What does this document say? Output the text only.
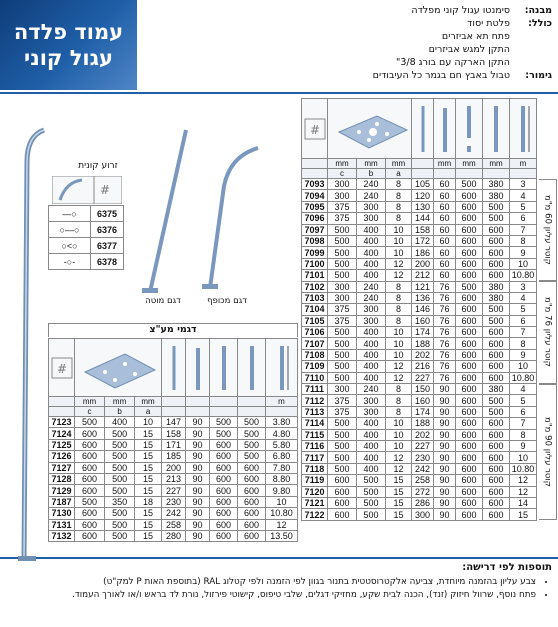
עמוד פלדה
עגול קוני
מבנה:
סימנטו עגול קוני מפלדה
כולל:
פלטת יסוד
פתח תא אביזרים
התקן למגש אביזרים
התקן הארקה עם בורג 3/8"
גימור:
טבול באבץ חם בגמר כל העיבודים
זרוע קונית
#
—○	6375
○—○	6376
○<○	6377
-○-	6378
דגם מוטה	דגם מכופף
#

	mm	mm	mm		mm	mm	mm	m
	c	b	a					
7093	300	240	8	105	60	500	380	3
7094	300	240	8	120	60	600	380	4
7095	375	300	8	130	60	600	500	5
7096	375	300	8	144	60	600	500	6
7097	500	400	10	158	60	600	600	7
7098	500	400	10	172	60	600	600	8
7099	500	400	10	186	60	600	600	9
7100	500	400	12	200	60	600	600	10
7101	500	400	12	212	60	600	600	10.80
7102	300	240	8	121	76	500	380	3
7103	300	240	8	136	76	600	380	4
7104	375	300	8	146	76	600	500	5
7105	375	300	8	160	76	600	500	6
7106	500	400	10	174	76	600	600	7
7107	500	400	10	188	76	600	600	8
7108	500	400	10	202	76	600	600	9
7109	500	400	12	216	76	600	600	10
7110	500	400	12	227	76	600	600	10.80
7111	300	240	8	150	90	600	380	4
7112	375	300	8	160	90	600	500	5
7113	375	300	8	174	90	600	500	6
7114	500	400	10	188	90	600	600	7
7115	500	400	10	202	90	600	600	8
7116	500	400	10	227	90	600	600	9
7117	500	400	12	230	90	600	600	10
7118	500	400	12	242	90	600	600	10.80
7119	600	500	15	258	90	600	600	12
7120	600	500	15	272	90	600	600	12
7121	600	500	15	286	90	600	600	14
7122	600	500	15	300	90	600	600	15
קוטר עליון 60 מ"מ
קוטר עליון 76 מ"מ
קוטר עליון 90 מ"מ
דגמי מע"צ
#

	mm	mm	mm					m
	c	b	a					
7123	500	400	10	147	90	500	500	3.80
7124	600	500	15	158	90	500	500	4.80
7125	600	500	15	171	90	600	500	5.80
7126	600	500	15	185	90	600	500	6.80
7127	600	500	15	200	90	600	600	7.80
7128	600	500	15	213	90	600	600	8.80
7129	600	500	15	227	90	600	600	9.80
7187	500	350	18	230	90	600	600	10
7130	600	500	15	242	90	600	600	10.80
7131	600	500	15	258	90	600	600	12
7132	600	500	15	280	90	600	600	13.50
תוספות לפי דרישה:
• צבע עליון בהזמנה מיוחדת, צביעה אלקטרוסטטית בתנור בגוון לפי הזמנה ולפי קטלוג RAL (בתוספת האות P למק"ט)
• פתח נוסף, שרוול חיזוק (זנד), הכנה לבית שקע, מחזיקי דגלים, שלבי טיפוס, קישוטי פירזול, נורת לד בראש ו/או לאורך העמוד.
